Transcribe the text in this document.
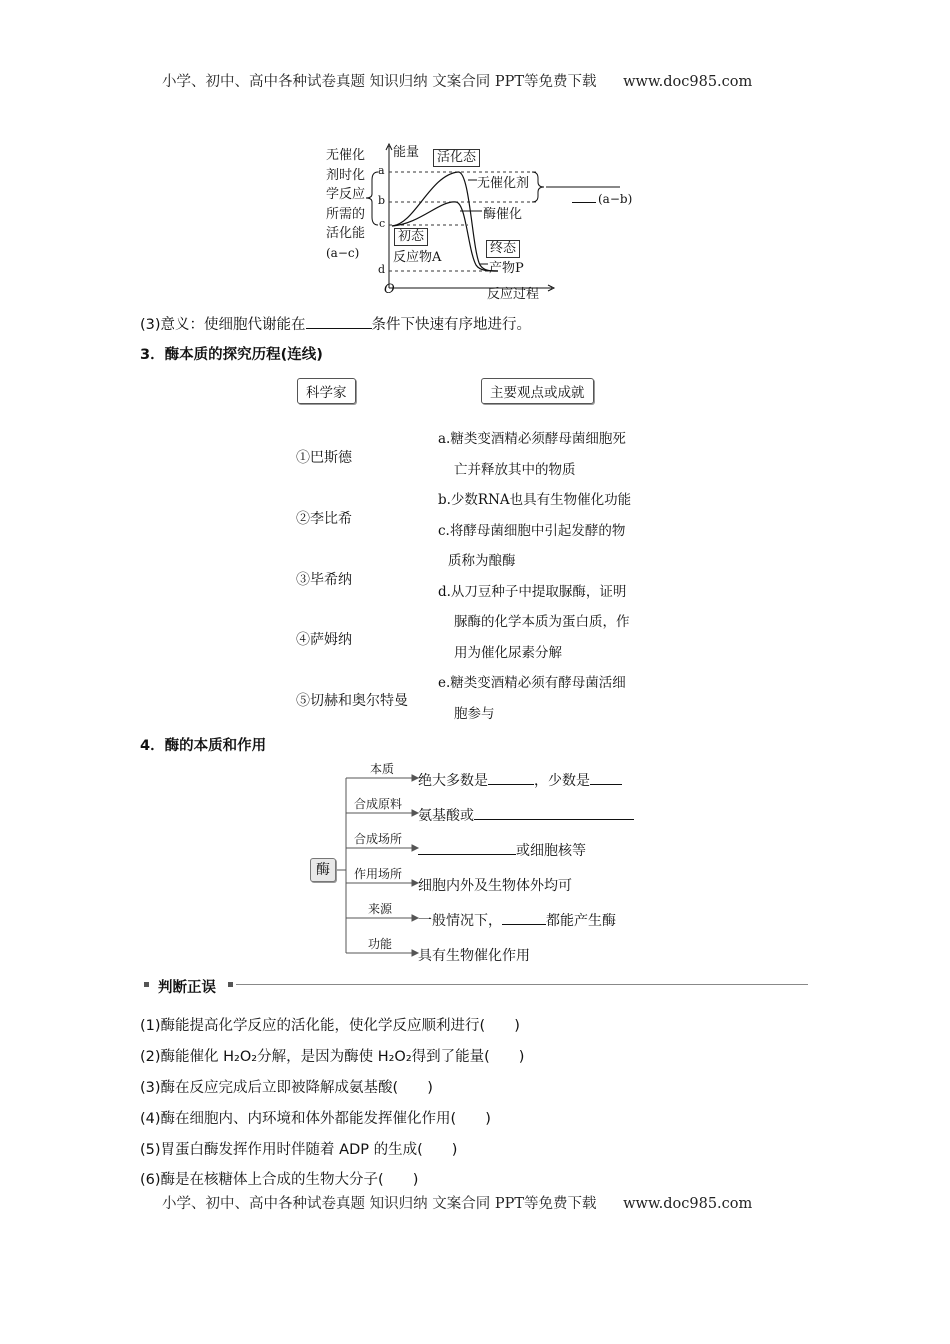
小学、初中、高中各种试卷真题 知识归纳 文案合同 PPT等免费下载 www.doc985.com
无催化
剂时化
学反应
所需的
活化能
(a−c)
能量
a
b
c
d
O	反应过程
活化态
无催化剂
酶催化
初态
反应物A
终态
产物P
(a−b)
(3)意义：使细胞代谢能在	条件下快速有序地进行。
3．酶本质的探究历程(连线)
科学家	主要观点或成就
①巴斯德
②李比希
③毕希纳
④萨姆纳
⑤切赫和奥尔特曼
a.糖类变酒精必须酵母菌细胞死
亡并释放其中的物质
b.少数RNA也具有生物催化功能
c.将酵母菌细胞中引起发酵的物
质称为酿酶
d.从刀豆种子中提取脲酶，证明
脲酶的化学本质为蛋白质，作
用为催化尿素分解
e.糖类变酒精必须有酵母菌活细
胞参与
4．酶的本质和作用
酶
本质
绝大多数是	，少数是
合成原料
氨基酸或
合成场所
或细胞核等
作用场所
细胞内外及生物体外均可
来源
一般情况下，	都能产生酶
功能
具有生物催化作用
判断正误
(1)酶能提高化学反应的活化能，使化学反应顺利进行(　　)
(2)酶能催化 H₂O₂分解，是因为酶使 H₂O₂得到了能量(　　)
(3)酶在反应完成后立即被降解成氨基酸(　　)
(4)酶在细胞内、内环境和体外都能发挥催化作用(　　)
(5)胃蛋白酶发挥作用时伴随着 ADP 的生成(　　)
(6)酶是在核糖体上合成的生物大分子(　　)
小学、初中、高中各种试卷真题 知识归纳 文案合同 PPT等免费下载 www.doc985.com
